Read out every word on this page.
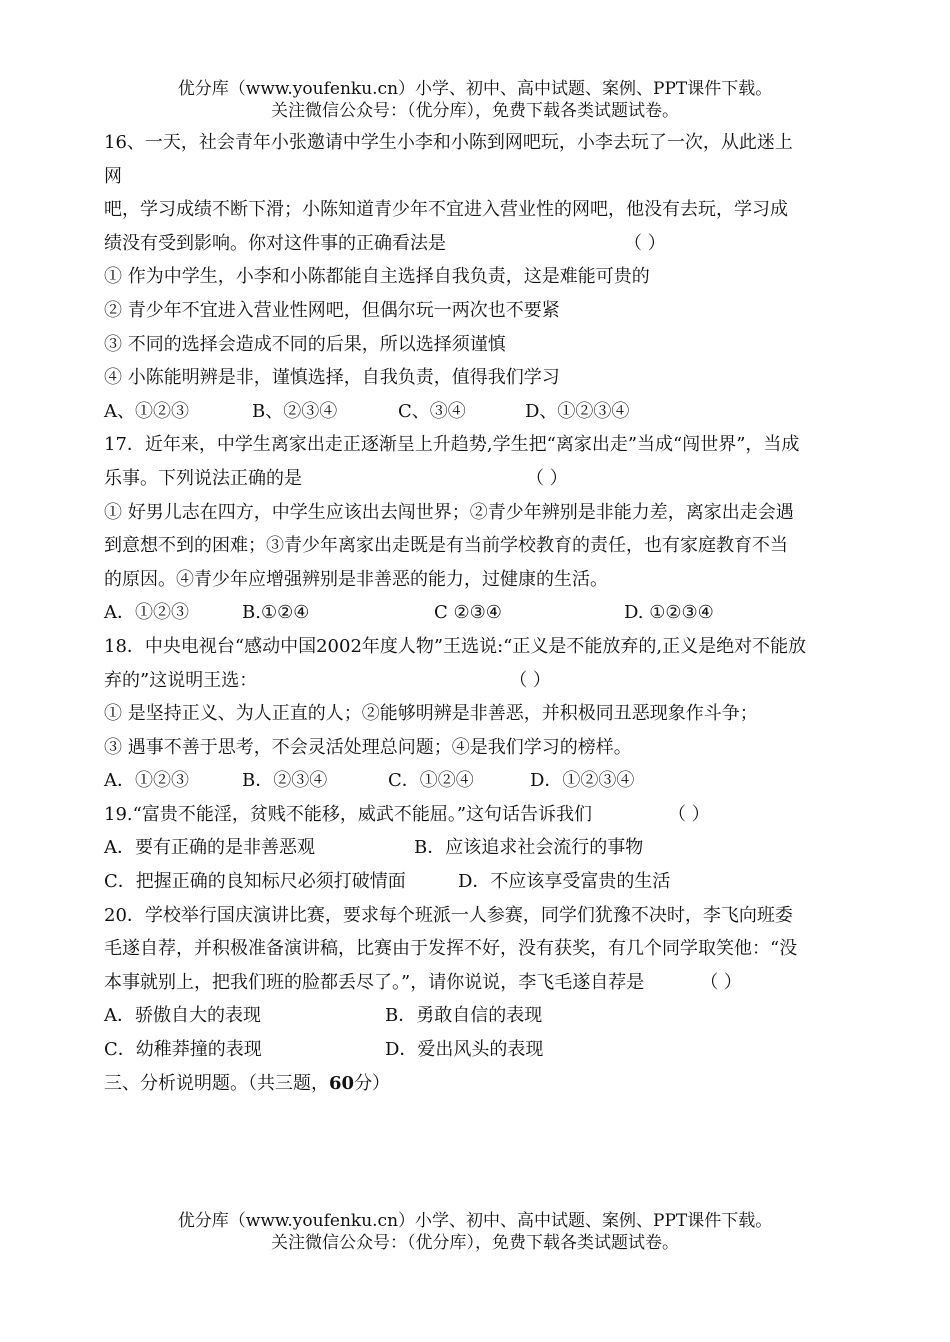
优分库（www.youfenku.cn）小学、初中、高中试题、案例、PPT课件下载。
关注微信公众号：（优分库），免费下载各类试题试卷。
16、一天，社会青年小张邀请中学生小李和小陈到网吧玩，小李去玩了一次，从此迷上
网
吧，学习成绩不断下滑；小陈知道青少年不宜进入营业性的网吧，他没有去玩，学习成
绩没有受到影响。你对这件事的正确看法是	（ ）
① 作为中学生，小李和小陈都能自主选择自我负责，这是难能可贵的
② 青少年不宜进入营业性网吧，但偶尔玩一两次也不要紧
③ 不同的选择会造成不同的后果，所以选择须谨慎
④ 小陈能明辨是非，谨慎选择，自我负责，值得我们学习
A、①②③	B、②③④	C、③④	D、①②③④
17．近年来，中学生离家出走正逐渐呈上升趋势,学生把“离家出走”当成“闯世界”，当成
乐事。下列说法正确的是	（ ）
① 好男儿志在四方，中学生应该出去闯世界；②青少年辨别是非能力差，离家出走会遇
到意想不到的困难；③青少年离家出走既是有当前学校教育的责任，也有家庭教育不当
的原因。④青少年应增强辨别是非善恶的能力，过健康的生活。
A．①②③	B.①②④	C ②③④	D. ①②③④
18．中央电视台“感动中国2002年度人物”王选说:“正义是不能放弃的,正义是绝对不能放
弃的”这说明王选：	（ ）
① 是坚持正义、为人正直的人；②能够明辨是非善恶，并积极同丑恶现象作斗争；
③ 遇事不善于思考，不会灵活处理总问题；④是我们学习的榜样。
A．①②③	B．②③④	C．①②④	D．①②③④
19.“富贵不能淫，贫贱不能移，威武不能屈。”这句话告诉我们	（ ）
A．要有正确的是非善恶观	B．应该追求社会流行的事物
C．把握正确的良知标尺必须打破情面	D．不应该享受富贵的生活
20．学校举行国庆演讲比赛，要求每个班派一人参赛，同学们犹豫不决时，李飞向班委
毛遂自荐，并积极准备演讲稿，比赛由于发挥不好，没有获奖，有几个同学取笑他：“没
本事就别上，把我们班的脸都丢尽了。”，请你说说，李飞毛遂自荐是	（ ）
A．骄傲自大的表现	B．勇敢自信的表现
C．幼稚莽撞的表现	D．爱出风头的表现
三、分析说明题。（共三题，60分）
优分库（www.youfenku.cn）小学、初中、高中试题、案例、PPT课件下载。
关注微信公众号：（优分库），免费下载各类试题试卷。
